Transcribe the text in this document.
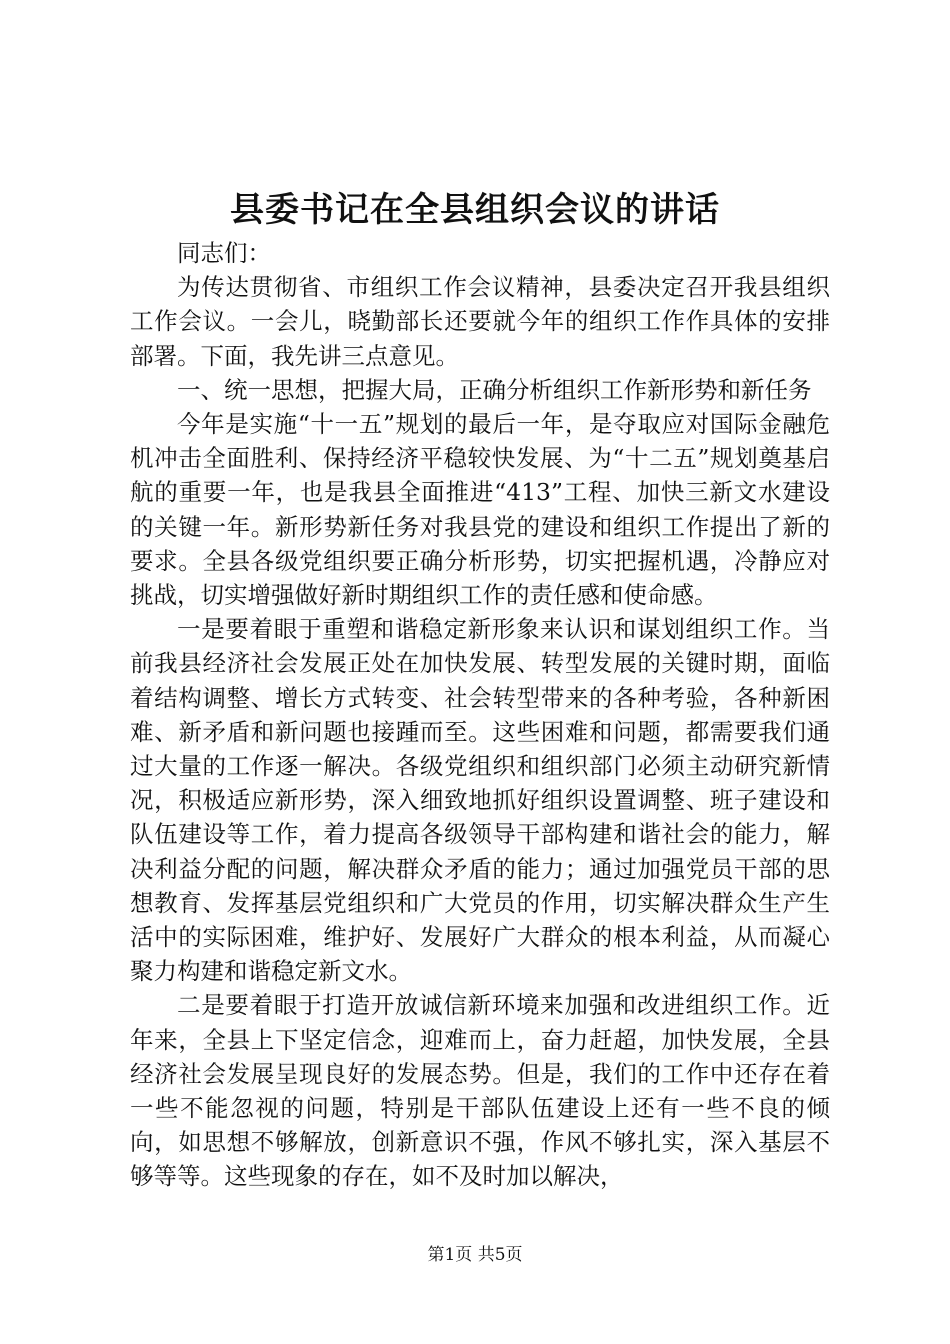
县委书记在全县组织会议的讲话

同志们：

为传达贯彻省、市组织工作会议精神，县委决定召开我县组织工作会议。一会儿，晓勤部长还要就今年的组织工作作具体的安排部署。下面，我先讲三点意见。

一、统一思想，把握大局，正确分析组织工作新形势和新任务

今年是实施“十一五”规划的最后一年，是夺取应对国际金融危机冲击全面胜利、保持经济平稳较快发展、为“十二五”规划奠基启航的重要一年，也是我县全面推进“413”工程、加快三新文水建设的关键一年。新形势新任务对我县党的建设和组织工作提出了新的要求。全县各级党组织要正确分析形势，切实把握机遇，冷静应对挑战，切实增强做好新时期组织工作的责任感和使命感。

一是要着眼于重塑和谐稳定新形象来认识和谋划组织工作。当前我县经济社会发展正处在加快发展、转型发展的关键时期，面临着结构调整、增长方式转变、社会转型带来的各种考验，各种新困难、新矛盾和新问题也接踵而至。这些困难和问题，都需要我们通过大量的工作逐一解决。各级党组织和组织部门必须主动研究新情况，积极适应新形势，深入细致地抓好组织设置调整、班子建设和队伍建设等工作，着力提高各级领导干部构建和谐社会的能力，解决利益分配的问题，解决群众矛盾的能力；通过加强党员干部的思想教育、发挥基层党组织和广大党员的作用，切实解决群众生产生活中的实际困难，维护好、发展好广大群众的根本利益，从而凝心聚力构建和谐稳定新文水。

二是要着眼于打造开放诚信新环境来加强和改进组织工作。近年来，全县上下坚定信念，迎难而上，奋力赶超，加快发展，全县经济社会发展呈现良好的发展态势。但是，我们的工作中还存在着一些不能忽视的问题，特别是干部队伍建设上还有一些不良的倾向，如思想不够解放，创新意识不强，作风不够扎实，深入基层不够等等。这些现象的存在，如不及时加以解决，

第1页 共5页
